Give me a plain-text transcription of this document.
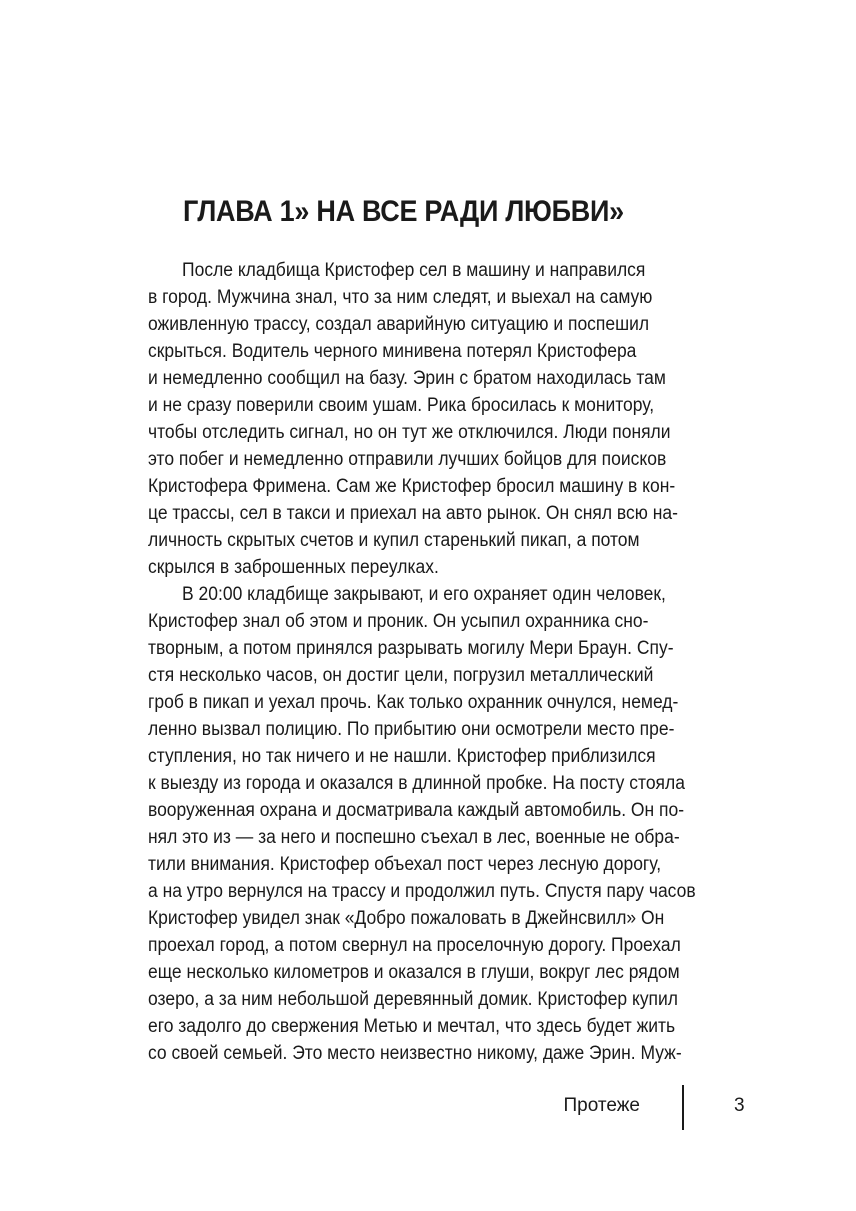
ГЛАВА 1» НА ВСЕ РАДИ ЛЮБВИ»
После кладбища Кристофер сел в машину и направился
в город. Мужчина знал, что за ним следят, и выехал на самую
оживленную трассу, создал аварийную ситуацию и поспешил
скрыться. Водитель черного минивена потерял Кристофера
и немедленно сообщил на базу. Эрин с братом находилась там
и не сразу поверили своим ушам. Рика бросилась к монитору,
чтобы отследить сигнал, но он тут же отключился. Люди поняли
это побег и немедленно отправили лучших бойцов для поисков
Кристофера Фримена. Сам же Кристофер бросил машину в кон-
це трассы, сел в такси и приехал на авто рынок. Он снял всю на-
личность скрытых счетов и купил старенький пикап, а потом
скрылся в заброшенных переулках.
В 20:00 кладбище закрывают, и его охраняет один человек,
Кристофер знал об этом и проник. Он усыпил охранника сно-
творным, а потом принялся разрывать могилу Мери Браун. Спу-
стя несколько часов, он достиг цели, погрузил металлический
гроб в пикап и уехал прочь. Как только охранник очнулся, немед-
ленно вызвал полицию. По прибытию они осмотрели место пре-
ступления, но так ничего и не нашли. Кристофер приблизился
к выезду из города и оказался в длинной пробке. На посту стояла
вооруженная охрана и досматривала каждый автомобиль. Он по-
нял это из — за него и поспешно съехал в лес, военные не обра-
тили внимания. Кристофер объехал пост через лесную дорогу,
а на утро вернулся на трассу и продолжил путь. Спустя пару часов
Кристофер увидел знак «Добро пожаловать в Джейнсвилл» Он
проехал город, а потом свернул на проселочную дорогу. Проехал
еще несколько километров и оказался в глуши, вокруг лес рядом
озеро, а за ним небольшой деревянный домик. Кристофер купил
его задолго до свержения Метью и мечтал, что здесь будет жить
со своей семьей. Это место неизвестно никому, даже Эрин. Муж-
Протеже	3
